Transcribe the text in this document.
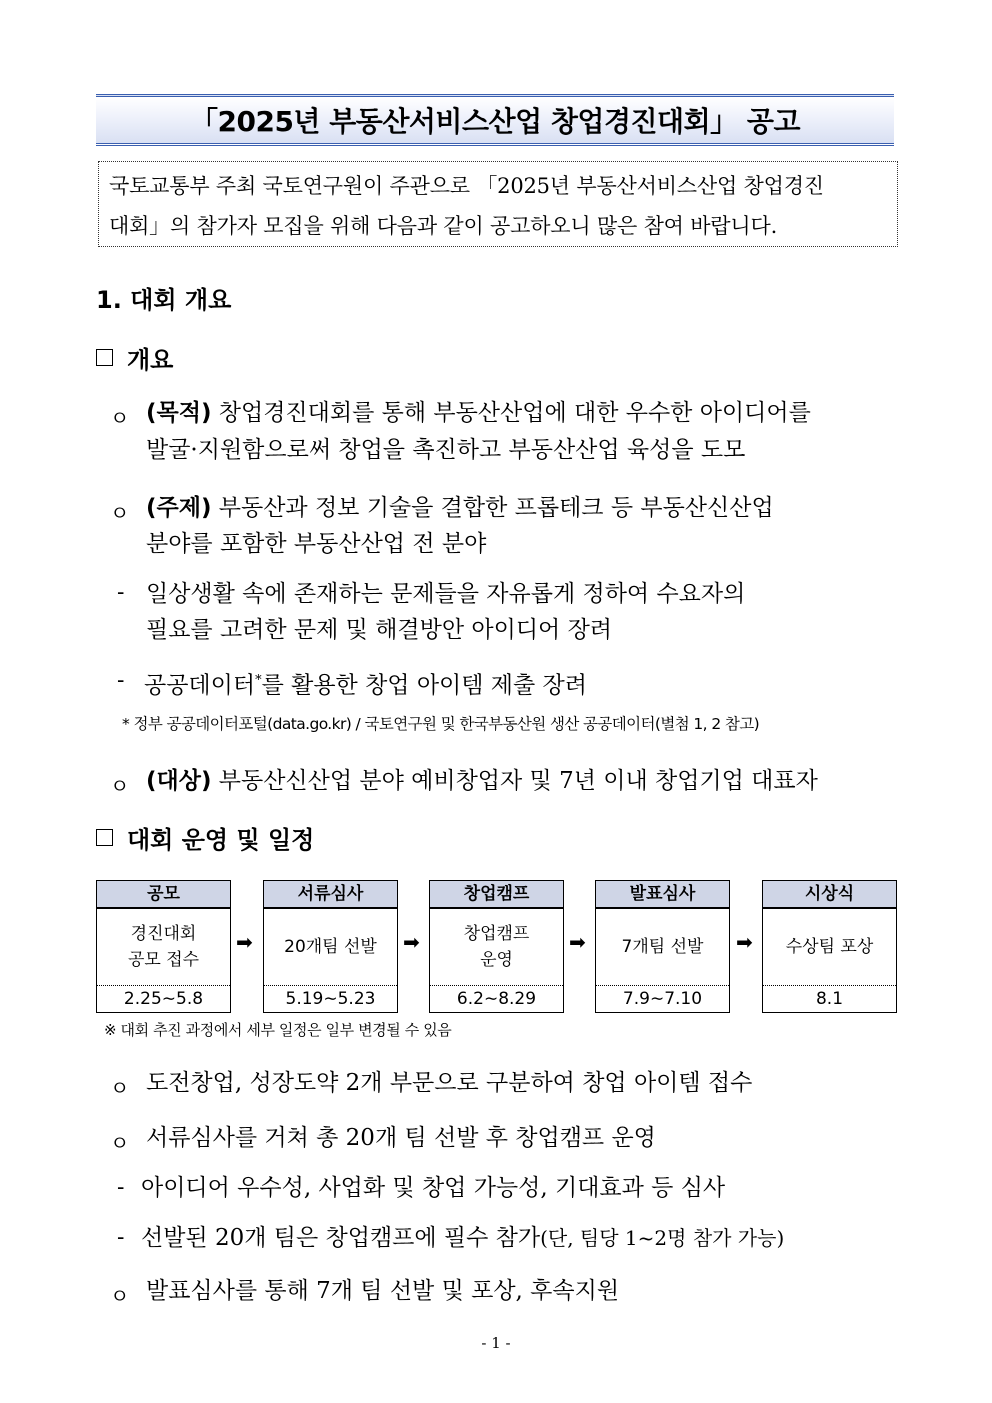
「2025년 부동산서비스산업 창업경진대회」 공고
국토교통부 주최 국토연구원이 주관으로 「2025년 부동산서비스산업 창업경진
대회」의 참가자 모집을 위해 다음과 같이 공고하오니 많은 참여 바랍니다.
1. 대회 개요
개요
ㅇ (목적) 창업경진대회를 통해 부동산산업에 대한 우수한 아이디어를
발굴·지원함으로써 창업을 촉진하고 부동산산업 육성을 도모
ㅇ (주제) 부동산과 정보 기술을 결합한 프롭테크 등 부동산신산업
분야를 포함한 부동산산업 전 분야
- 일상생활 속에 존재하는 문제들을 자유롭게 정하여 수요자의
필요를 고려한 문제 및 해결방안 아이디어 장려
- 공공데이터*를 활용한 창업 아이템 제출 장려
* 정부 공공데이터포털(data.go.kr) / 국토연구원 및 한국부동산원 생산 공공데이터(별첨 1, 2 참고)
ㅇ (대상) 부동산신산업 분야 예비창업자 및 7년 이내 창업기업 대표자
대회 운영 및 일정
공모
경진대회
공모 접수
2.25∼5.8
➡
서류심사
20개팀 선발
5.19∼5.23
➡
창업캠프
창업캠프
운영
6.2∼8.29
➡
발표심사
7개팀 선발
7.9∼7.10
➡
시상식
수상팀 포상
8.1
※ 대회 추진 과정에서 세부 일정은 일부 변경될 수 있음
ㅇ 도전창업, 성장도약 2개 부문으로 구분하여 창업 아이템 접수
ㅇ 서류심사를 거쳐 총 20개 팀 선발 후 창업캠프 운영
- 아이디어 우수성, 사업화 및 창업 가능성, 기대효과 등 심사
- 선발된 20개 팀은 창업캠프에 필수 참가(단, 팀당 1~2명 참가 가능)
ㅇ 발표심사를 통해 7개 팀 선발 및 포상, 후속지원
- 1 -
